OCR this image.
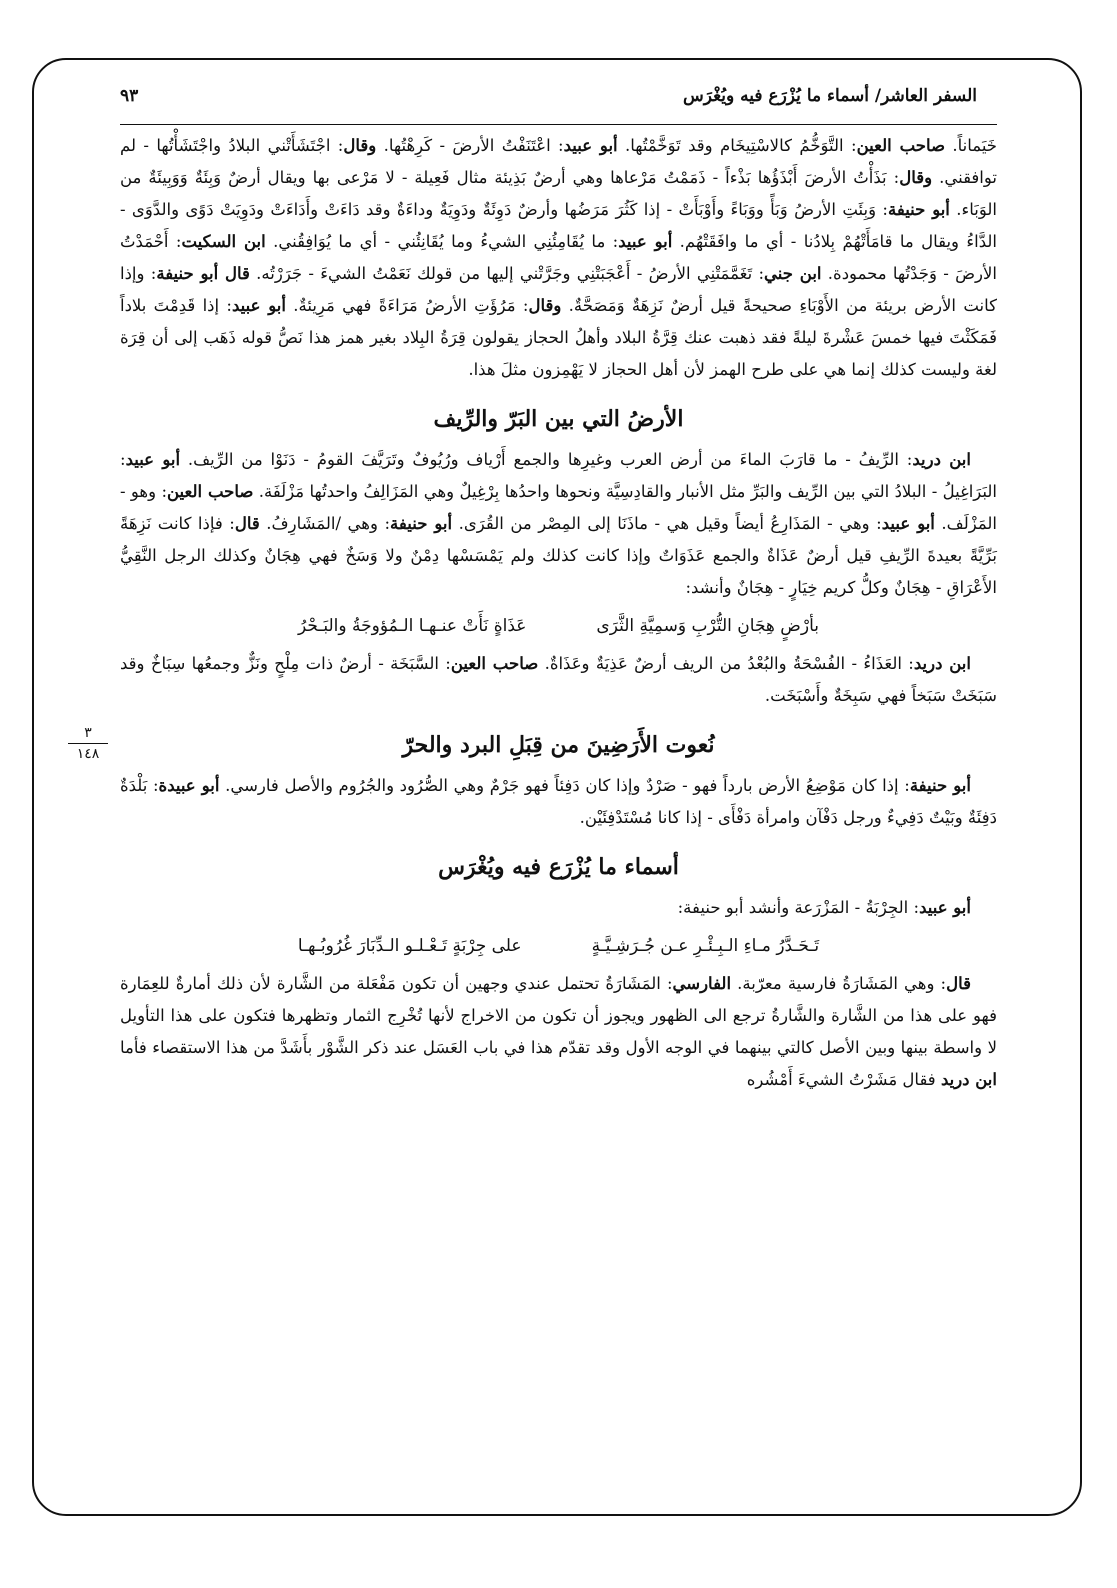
السفر العاشر/ أسماء ما يُزْرَع فيه ويُغْرَس
٩٣
٣
١٤٨

خَيَماناً. صاحب العين: التَّوَخُّمُ كالاسْتِيخَام وقد تَوَخَّمْتُها. أبو عبيد: اعْتَنَفْتُ الأرضَ - كَرِهْتُها. وقال: اجْتَشَأَتْني البلادُ واجْتَشَأْتُها - لم توافقني. وقال: بَذَأْتُ الأرضَ أَبْذَؤُها بَذْءاً - ذَمَمْتُ مَرْعاها وهي أرضٌ بَذِيئة مثال فَعِيلة - لا مَرْعى بها ويقال أرضٌ وَبِئَةٌ وَوَبِيئَةٌ من الوَبَاء. أبو حنيفة: وَبِئَتِ الأرضُ وَبَأً ووَبَاءً وأَوْبَأَتْ - إذا كَثُرَ مَرَضُها وأرضٌ دَوِئَةٌ ودَوِيَةٌ وداءَةٌ وقد دَاءَتْ وأَدَاءَتْ ودَوِيَتْ دَوًى والدَّوَى - الدَّاءُ ويقال ما قامَأَتْهُمْ بِلادُنا - أي ما وافَقَتْهُم. أبو عبيد: ما يُقَامِئُنِي الشيءُ وما يُقَانِئُني - أي ما يُوَافِقُني. ابن السكيت: أَحْمَدْتُ الأرضَ - وَجَدْتُها محمودة. ابن جني: تَغَمَّمَتْنِي الأرضُ - أَعْجَبَتْنِي وجَرَّتْني إليها من قولك نَعَمْتُ الشيءَ - جَرَرْتُه. قال أبو حنيفة: وإذا كانت الأرض بريئة من الأَوْبَاءِ صحيحةً قيل أرضٌ نَزِهَةٌ وَمَصَحَّةٌ. وقال: مَرُؤَتِ الأرضُ مَرَاءَةً فهي مَرِيئةٌ. أبو عبيد: إذا قَدِمْتَ بلاداً فَمَكَثْتَ فيها خمسَ عَشْرةَ ليلةً فقد ذهبت عنك قِرَّةُ البلاد وأهلُ الحجاز يقولون قِرَةُ البِلاد بغير همز هذا نَصُّ قوله ذَهَب إلى أن قِرَة لغة وليست كذلك إنما هي على طرح الهمز لأن أهل الحجاز لا يَهْمِزون مثلَ هذا.

الأرضُ التي بين البَرّ والرِّيف

ابن دريد: الرِّيفُ - ما قارَبَ الماءَ من أرض العرب وغيرِها والجمع أَرْياف ورُيُوفٌ وتَرَيَّفَ القومُ - دَنَوْا من الرِّيف. أبو عبيد: البَرَاغِيلُ - البلادُ التي بين الرِّيف والبَرِّ مثل الأنبار والقادِسِيَّة ونحوها واحدُها بِرْغِيلٌ وهي المَزَالِفُ واحدتُها مَزْلَفَة. صاحب العين: وهو - المَزْلَف. أبو عبيد: وهي - المَذَارِعُ أيضاً وقيل هي - ماذَنَا إلى المِصْر من القُرَى. أبو حنيفة: وهي /المَشَارِفُ. قال: فإذا كانت نَزِهَةً بَرِّيَّةً بعيدةَ الرِّيفِ قيل أرضٌ عَذَاةٌ والجمع عَذَوَاتٌ وإذا كانت كذلك ولم يَمْسَسْها دِمْنٌ ولا وَسَخٌ فهي هِجَانٌ وكذلك الرجل النَّقِيُّ الأَعْرَاقِ - هِجَانٌ وكلُّ كريم خِيَارٍ - هِجَانٌ وأنشد:

بأرْضٍ هِجَانِ التُّرْبِ وَسمِيَّةِ الثَّرَى
عَذَاةٍ نَأَتْ عنـهـا الـمُؤوجَةُ والبَـحْرُ

ابن دريد: العَذَاءُ - الفُسْحَةُ والبُعْدُ من الريف أرضٌ عَذِيَةٌ وعَذَاةٌ. صاحب العين: السَّبَخَة - أرضٌ ذات مِلْحٍ ونَزٌّ وجمعُها سِبَاخٌ وقد سَبَخَتْ سَبَخاً فهي سَبِخَةٌ وأَسْبَخَت.

نُعوت الأَرَضِينَ من قِبَلِ البرد والحرّ

أبو حنيفة: إذا كان مَوْضِعُ الأرض بارداً فهو - صَرْدٌ وإذا كان دَفِئاً فهو جَرْمٌ وهي الصُّرُود والجُرُوم والأصل فارسي. أبو عبيدة: بَلْدَةٌ دَفِئَةٌ وبَيْتٌ دَفِيءٌ ورجل دَفْآن وامرأة دَفْأَى - إذا كانا مُسْتَدْفِئَيْن.

أسماء ما يُزْرَع فيه ويُغْرَس

أبو عبيد: الجِرْبَةُ - المَزْرَعة وأنشد أبو حنيفة:

تَـحَـدَّرُ مـاءِ الـبِـئْـرِ عـن جُـرَشِـيَّـةٍ
على جِرْبَةٍ تَـعْـلـو الـدِّبَارَ غُرُوبُـهـا

قال: وهي المَشَارَةُ فارسية معرّبة. الفارسي: المَشَارَةُ تحتمل عندي وجهين أن تكون مَفْعَلة من الشَّارة لأن ذلك أمارةٌ للعِمَارة فهو على هذا من الشَّارة والشَّارةُ ترجع الى الظهور ويجوز أن تكون من الاخراج لأنها تُخْرِج الثمار وتظهرها فتكون على هذا التأويل لا واسطة بينها وبين الأصل كالتي بينهما في الوجه الأول وقد تقدّم هذا في باب العَسَل عند ذكر الشَّوْر بأَشَدَّ من هذا الاستقصاء فأما ابن دريد فقال مَشَرْتُ الشيءَ أَمْشُره
